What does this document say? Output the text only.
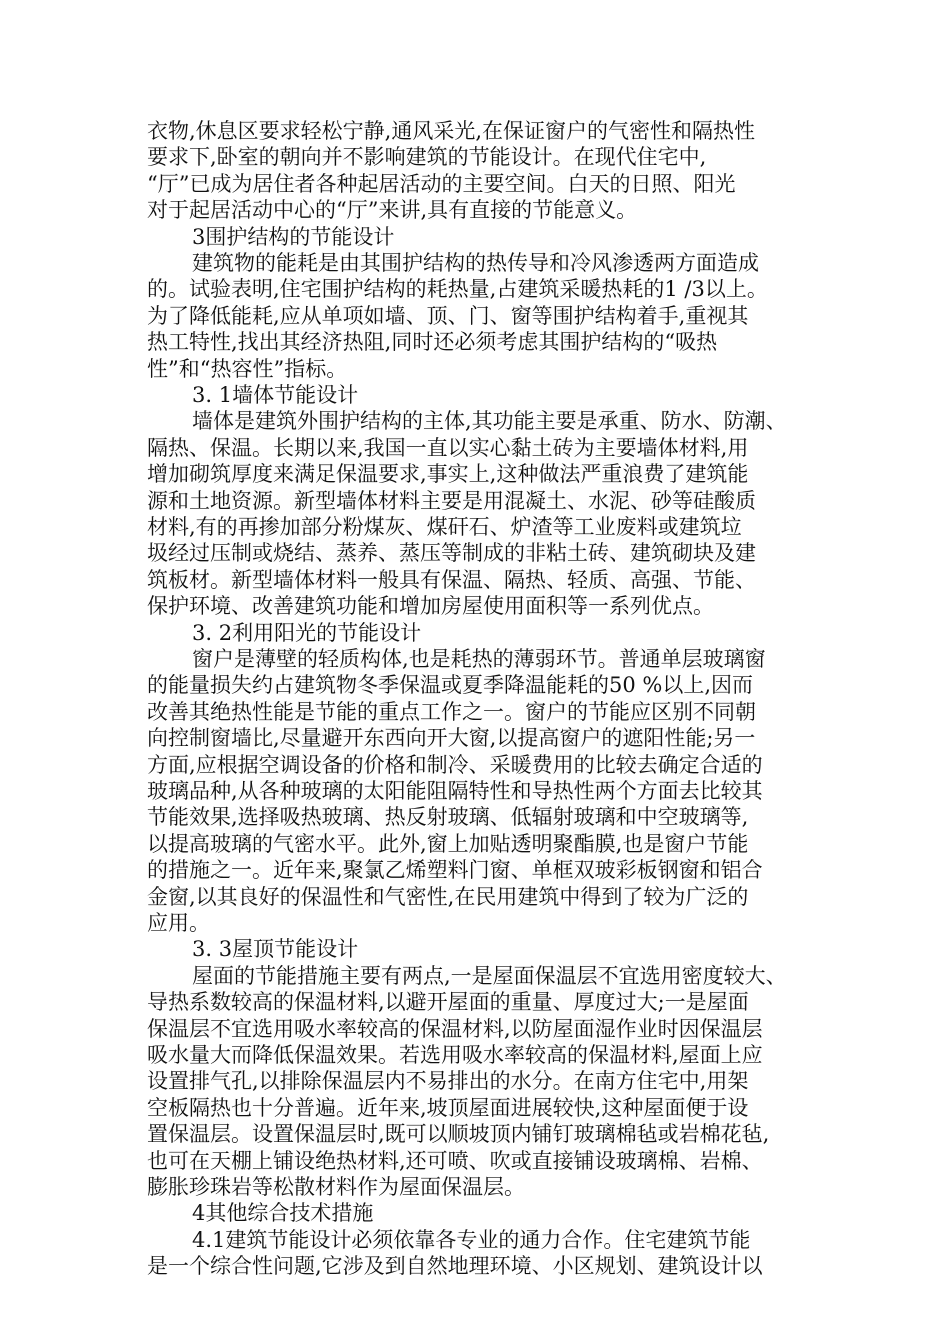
衣物,休息区要求轻松宁静,通风采光,在保证窗户的气密性和隔热性
要求下,卧室的朝向并不影响建筑的节能设计。在现代住宅中,
“厅”已成为居住者各种起居活动的主要空间。白天的日照、阳光
对于起居活动中心的“厅”来讲,具有直接的节能意义。
3围护结构的节能设计
建筑物的能耗是由其围护结构的热传导和冷风渗透两方面造成
的。试验表明,住宅围护结构的耗热量,占建筑采暖热耗的1 /3以上。
为了降低能耗,应从单项如墙、顶、门、窗等围护结构着手,重视其
热工特性,找出其经济热阻,同时还必须考虑其围护结构的“吸热
性”和“热容性”指标。
3. 1墙体节能设计
墙体是建筑外围护结构的主体,其功能主要是承重、防水、防潮、
隔热、保温。长期以来,我国一直以实心黏土砖为主要墙体材料,用
增加砌筑厚度来满足保温要求,事实上,这种做法严重浪费了建筑能
源和土地资源。新型墙体材料主要是用混凝土、水泥、砂等硅酸质
材料,有的再掺加部分粉煤灰、煤矸石、炉渣等工业废料或建筑垃
圾经过压制或烧结、蒸养、蒸压等制成的非粘土砖、建筑砌块及建
筑板材。新型墙体材料一般具有保温、隔热、轻质、高强、节能、
保护环境、改善建筑功能和增加房屋使用面积等一系列优点。
3. 2利用阳光的节能设计
窗户是薄壁的轻质构体,也是耗热的薄弱环节。普通单层玻璃窗
的能量损失约占建筑物冬季保温或夏季降温能耗的50 %以上,因而
改善其绝热性能是节能的重点工作之一。窗户的节能应区别不同朝
向控制窗墙比,尽量避开东西向开大窗,以提高窗户的遮阳性能;另一
方面,应根据空调设备的价格和制冷、采暖费用的比较去确定合适的
玻璃品种,从各种玻璃的太阳能阻隔特性和导热性两个方面去比较其
节能效果,选择吸热玻璃、热反射玻璃、低辐射玻璃和中空玻璃等,
以提高玻璃的气密水平。此外,窗上加贴透明聚酯膜,也是窗户节能
的措施之一。近年来,聚氯乙烯塑料门窗、单框双玻彩板钢窗和铝合
金窗,以其良好的保温性和气密性,在民用建筑中得到了较为广泛的
应用。
3. 3屋顶节能设计
屋面的节能措施主要有两点,一是屋面保温层不宜选用密度较大、
导热系数较高的保温材料,以避开屋面的重量、厚度过大;一是屋面
保温层不宜选用吸水率较高的保温材料,以防屋面湿作业时因保温层
吸水量大而降低保温效果。若选用吸水率较高的保温材料,屋面上应
设置排气孔,以排除保温层内不易排出的水分。在南方住宅中,用架
空板隔热也十分普遍。近年来,坡顶屋面进展较快,这种屋面便于设
置保温层。设置保温层时,既可以顺坡顶内铺钉玻璃棉毡或岩棉花毡,
也可在天棚上铺设绝热材料,还可喷、吹或直接铺设玻璃棉、岩棉、
膨胀珍珠岩等松散材料作为屋面保温层。
4其他综合技术措施
4.1建筑节能设计必须依靠各专业的通力合作。住宅建筑节能
是一个综合性问题,它涉及到自然地理环境、小区规划、建筑设计以
